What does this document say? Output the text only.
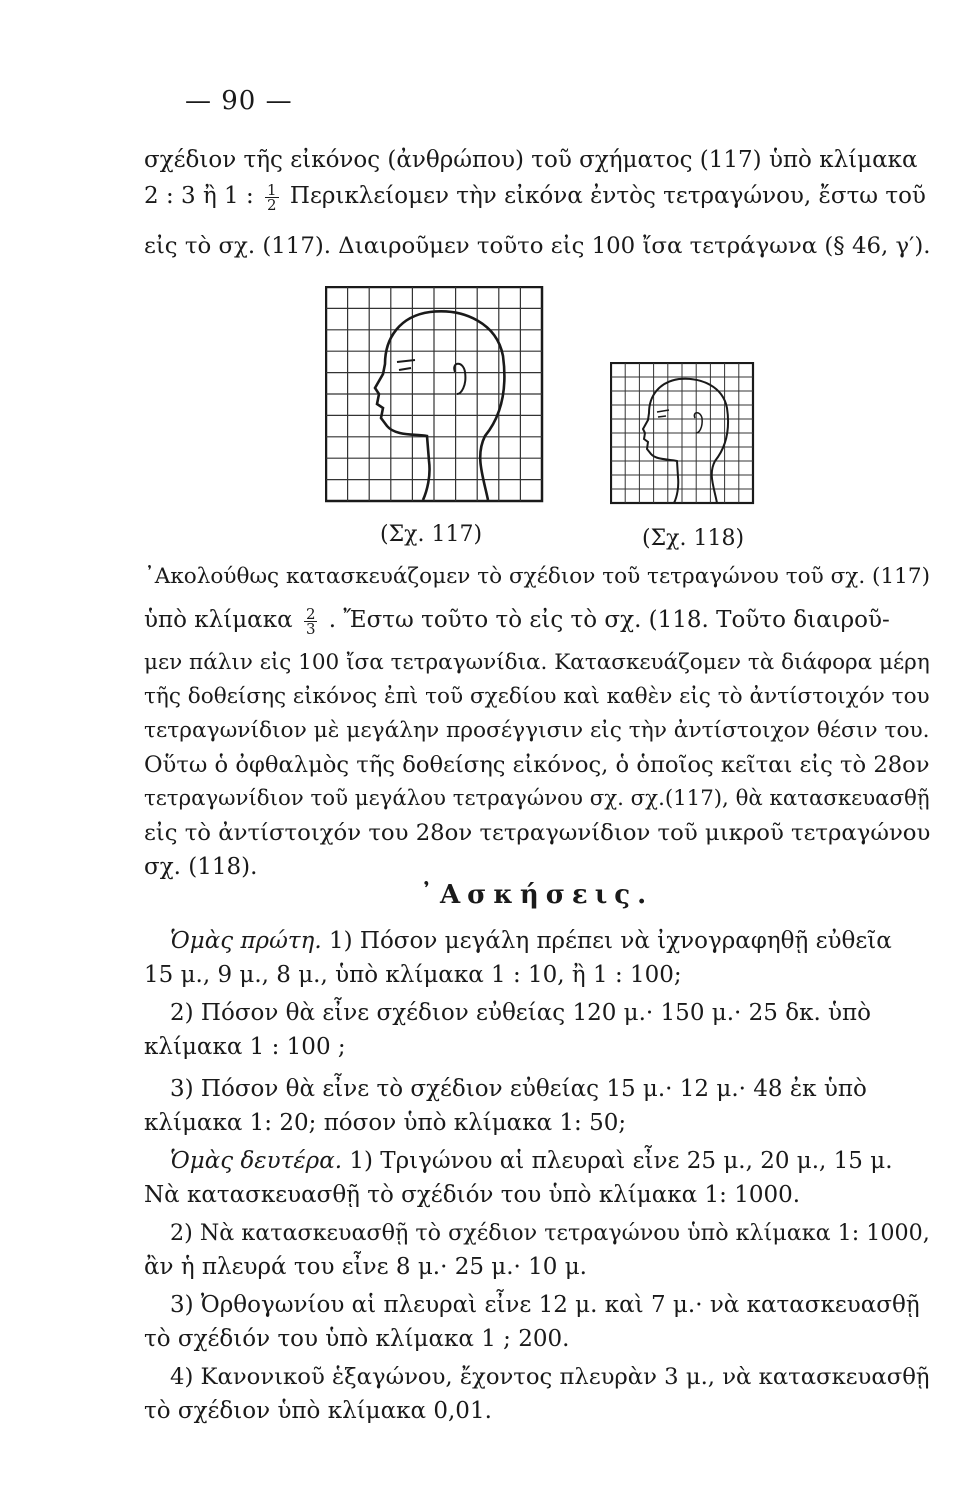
— 90 —
σχέδιον τῆς εἰκόνος (ἀνθρώπου) τοῦ σχήματος (117) ὑπὸ κλίμακα
2 : 3 ἢ 1 : $\frac{1}{2}$ Περικλείομεν τὴν εἰκόνα ἐντὸς τετραγώνου, ἔστω τοῦ
εἰς τὸ σχ. (117). Διαιροῦμεν τοῦτο εἰς 100 ἴσα τετράγωνα (§ 46, γ′).
(Σχ. 117)	(Σχ. 118)
᾿Ακολούθως κατασκευάζομεν τὸ σχέδιον τοῦ τετραγώνου τοῦ σχ. (117)
ὑπὸ κλίμακα $\frac{2}{3}$ . Ἔστω τοῦτο τὸ εἰς τὸ σχ. (118. Τοῦτο διαιροῦ-
μεν πάλιν εἰς 100 ἴσα τετραγωνίδια. Κατασκευάζομεν τὰ διάφορα μέρη
τῆς δοθείσης εἰκόνος ἐπὶ τοῦ σχεδίου καὶ καθὲν εἰς τὸ ἀντίστοιχόν του
τετραγωνίδιον μὲ μεγάλην προσέγγισιν εἰς τὴν ἀντίστοιχον θέσιν του.
Οὕτω ὁ ὀφθαλμὸς τῆς δοθείσης εἰκόνος, ὁ ὁποῖος κεῖται εἰς τὸ 28ον
τετραγωνίδιον τοῦ μεγάλου τετραγώνου σχ. σχ.(117), θὰ κατασκευασθῇ
εἰς τὸ ἀντίστοιχόν του 28ον τετραγωνίδιον τοῦ μικροῦ τετραγώνου
σχ. (118).
᾿Ασκήσεις.
Ὁμὰς πρώτη. 1) Πόσον μεγάλη πρέπει νὰ ἰχνογραφηθῇ εὐθεῖα
15 μ., 9 μ., 8 μ., ὑπὸ κλίμακα 1 : 10, ἢ 1 : 100;
2) Πόσον θὰ εἶνε σχέδιον εὐθείας 120 μ.· 150 μ.· 25 δκ. ὑπὸ
κλίμακα 1 : 100 ;
3) Πόσον θὰ εἶνε τὸ σχέδιον εὐθείας 15 μ.· 12 μ.· 48 ἐκ ὑπὸ
κλίμακα 1: 20; πόσον ὑπὸ κλίμακα 1: 50;
Ὁμὰς δευτέρα. 1) Τριγώνου αἱ πλευραὶ εἶνε 25 μ., 20 μ., 15 μ.
Νὰ κατασκευασθῇ τὸ σχέδιόν του ὑπὸ κλίμακα 1: 1000.
2) Νὰ κατασκευασθῇ τὸ σχέδιον τετραγώνου ὑπὸ κλίμακα 1: 1000,
ἂν ἡ πλευρά του εἶνε 8 μ.· 25 μ.· 10 μ.
3) Ὀρθογωνίου αἱ πλευραὶ εἶνε 12 μ. καὶ 7 μ.· νὰ κατασκευασθῇ
τὸ σχέδιόν του ὑπὸ κλίμακα 1 ; 200.
4) Κανονικοῦ ἑξαγώνου, ἔχοντος πλευρὰν 3 μ., νὰ κατασκευασθῇ
τὸ σχέδιον ὑπὸ κλίμακα 0,01.
